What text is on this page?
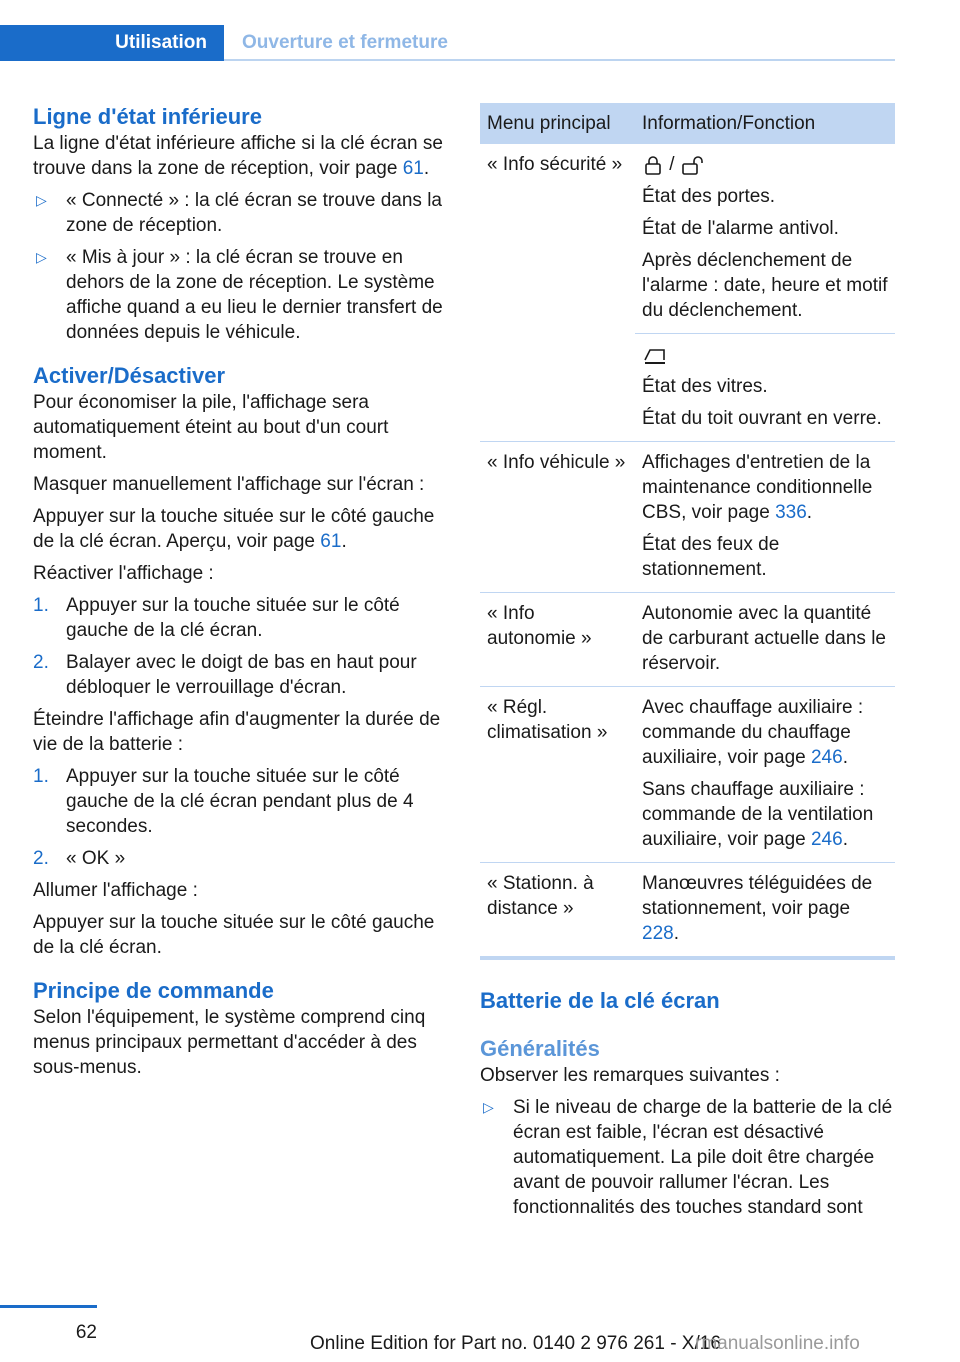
Utilisation	Ouverture et fermeture
Ligne d'état inférieure

La ligne d'état inférieure affiche si la clé écran se trouve dans la zone de réception, voir page 61.

▷ « Connecté » : la clé écran se trouve dans la zone de réception.
▷ « Mis à jour » : la clé écran se trouve en dehors de la zone de réception. Le système affiche quand a eu lieu le dernier transfert de données depuis le véhicule.
Activer/Désactiver

Pour économiser la pile, l'affichage sera automatiquement éteint au bout d'un court moment.

Masquer manuellement l'affichage sur l'écran :

Appuyer sur la touche située sur le côté gauche de la clé écran. Aperçu, voir page 61.

Réactiver l'affichage :

1. Appuyer sur la touche située sur le côté gauche de la clé écran.
2. Balayer avec le doigt de bas en haut pour débloquer le verrouillage d'écran.

Éteindre l'affichage afin d'augmenter la durée de vie de la batterie :

1. Appuyer sur la touche située sur le côté gauche de la clé écran pendant plus de 4 secondes.
2. « OK »

Allumer l'affichage :

Appuyer sur la touche située sur le côté gauche de la clé écran.

Principe de commande

Selon l'équipement, le système comprend cinq menus principaux permettant d'accéder à des sous-menus.

Menu principal	Information/Fonction
« Info sécurité »	/

État des portes.

État de l'alarme antivol.

Après déclenchement de l'alarme : date, heure et motif du déclenchement.

	État des vitres.

État du toit ouvrant en verre.

« Info véhicule »	Affichages d'entretien de la maintenance conditionnelle CBS, voir page 336.

État des feux de stationnement.

« Info autonomie »	Autonomie avec la quantité de carburant actuelle dans le réservoir.
« Régl. climatisation »	Avec chauffage auxiliaire : commande du chauffage auxiliaire, voir page 246.

Sans chauffage auxiliaire : commande de la ventilation auxiliaire, voir page 246.

« Stationn. à distance »	Manœuvres téléguidées de stationnement, voir page 228.

Batterie de la clé écran
Généralités

Observer les remarques suivantes :

▷ Si le niveau de charge de la batterie de la clé écran est faible, l'écran est désactivé automatiquement. La pile doit être chargée avant de pouvoir rallumer l'écran. Les fonctionnalités des touches standard sont
62
Online Edition for Part no. 0140 2 976 261 - X/16
rmanualsonline.info
